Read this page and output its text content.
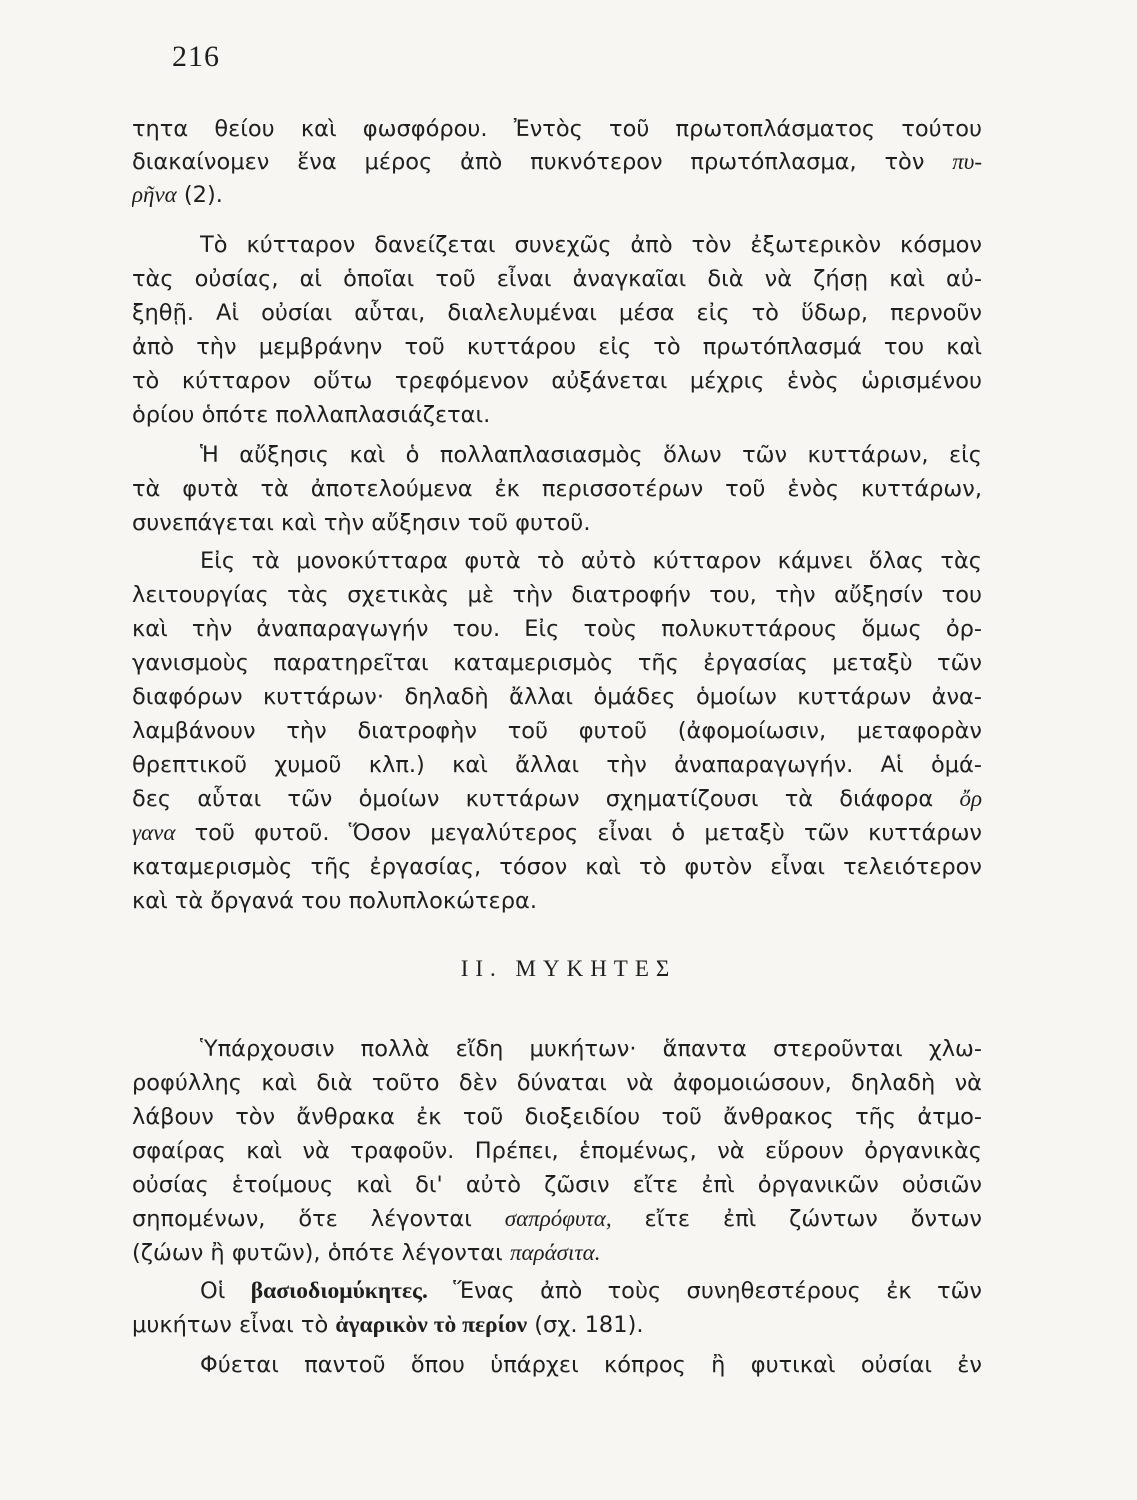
216
τητα θείου καὶ φωσφόρου. Ἐντὸς τοῦ πρωτοπλάσματος τούτου
διακαίνομεν ἕνα μέρος ἀπὸ πυκνότερον πρωτόπλασμα, τὸν πυ-
ρῆνα (2).
Τὸ κύτταρον δανείζεται συνεχῶς ἀπὸ τὸν ἐξωτερικὸν κόσμον
τὰς οὐσίας, αἱ ὁποῖαι τοῦ εἶναι ἀναγκαῖαι διὰ νὰ ζήσῃ καὶ αὐ-
ξηθῇ. Αἱ οὐσίαι αὗται, διαλελυμέναι μέσα εἰς τὸ ὕδωρ, περνοῦν
ἀπὸ τὴν μεμβράνην τοῦ κυττάρου εἰς τὸ πρωτόπλασμά του καὶ
τὸ κύτταρον οὕτω τρεφόμενον αὐξάνεται μέχρις ἑνὸς ὡρισμένου
ὁρίου ὁπότε πολλαπλασιάζεται.
Ἡ αὔξησις καὶ ὁ πολλαπλασιασμὸς ὅλων τῶν κυττάρων, εἰς
τὰ φυτὰ τὰ ἀποτελούμενα ἐκ περισσοτέρων τοῦ ἑνὸς κυττάρων,
συνεπάγεται καὶ τὴν αὔξησιν τοῦ φυτοῦ.
Εἰς τὰ μονοκύτταρα φυτὰ τὸ αὐτὸ κύτταρον κάμνει ὅλας τὰς
λειτουργίας τὰς σχετικὰς μὲ τὴν διατροφήν του, τὴν αὔξησίν του
καὶ τὴν ἀναπαραγωγήν του. Εἰς τοὺς πολυκυττάρους ὅμως ὀρ-
γανισμοὺς παρατηρεῖται καταμερισμὸς τῆς ἐργασίας μεταξὺ τῶν
διαφόρων κυττάρων· δηλαδὴ ἄλλαι ὁμάδες ὁμοίων κυττάρων ἀνα-
λαμβάνουν τὴν διατροφὴν τοῦ φυτοῦ (ἀφομοίωσιν, μεταφορὰν
θρεπτικοῦ χυμοῦ κλπ.) καὶ ἄλλαι τὴν ἀναπαραγωγήν. Αἱ ὁμά-
δες αὗται τῶν ὁμοίων κυττάρων σχηματίζουσι τὰ διάφορα ὄρ
γανα τοῦ φυτοῦ. Ὅσον μεγαλύτερος εἶναι ὁ μεταξὺ τῶν κυττάρων
καταμερισμὸς τῆς ἐργασίας, τόσον καὶ τὸ φυτὸν εἶναι τελειότερον
καὶ τὰ ὄργανά του πολυπλοκώτερα.
II. ΜΥΚΗΤΕΣ
Ὑπάρχουσιν πολλὰ εἴδη μυκήτων· ἅπαντα στεροῦνται χλω-
ροφύλλης καὶ διὰ τοῦτο δὲν δύναται νὰ ἀφομοιώσουν, δηλαδὴ νὰ
λάβουν τὸν ἄνθρακα ἐκ τοῦ διοξειδίου τοῦ ἄνθρακος τῆς ἀτμο-
σφαίρας καὶ νὰ τραφοῦν. Πρέπει, ἑπομένως, νὰ εὕρουν ὀργανικὰς
οὐσίας ἑτοίμους καὶ δι' αὐτὸ ζῶσιν εἴτε ἐπὶ ὀργανικῶν οὐσιῶν
σηπομένων, ὅτε λέγονται σαπρόφυτα, εἴτε ἐπὶ ζώντων ὄντων
(ζώων ἢ φυτῶν), ὁπότε λέγονται παράσιτα.
Οἱ βασιοδιομύκητες. Ἕνας ἀπὸ τοὺς συνηθεστέρους ἐκ τῶν
μυκήτων εἶναι τὸ ἀγαρικὸν τὸ περίον (σχ. 181).
Φύεται παντοῦ ὅπου ὑπάρχει κόπρος ἢ φυτικαὶ οὐσίαι ἐν
